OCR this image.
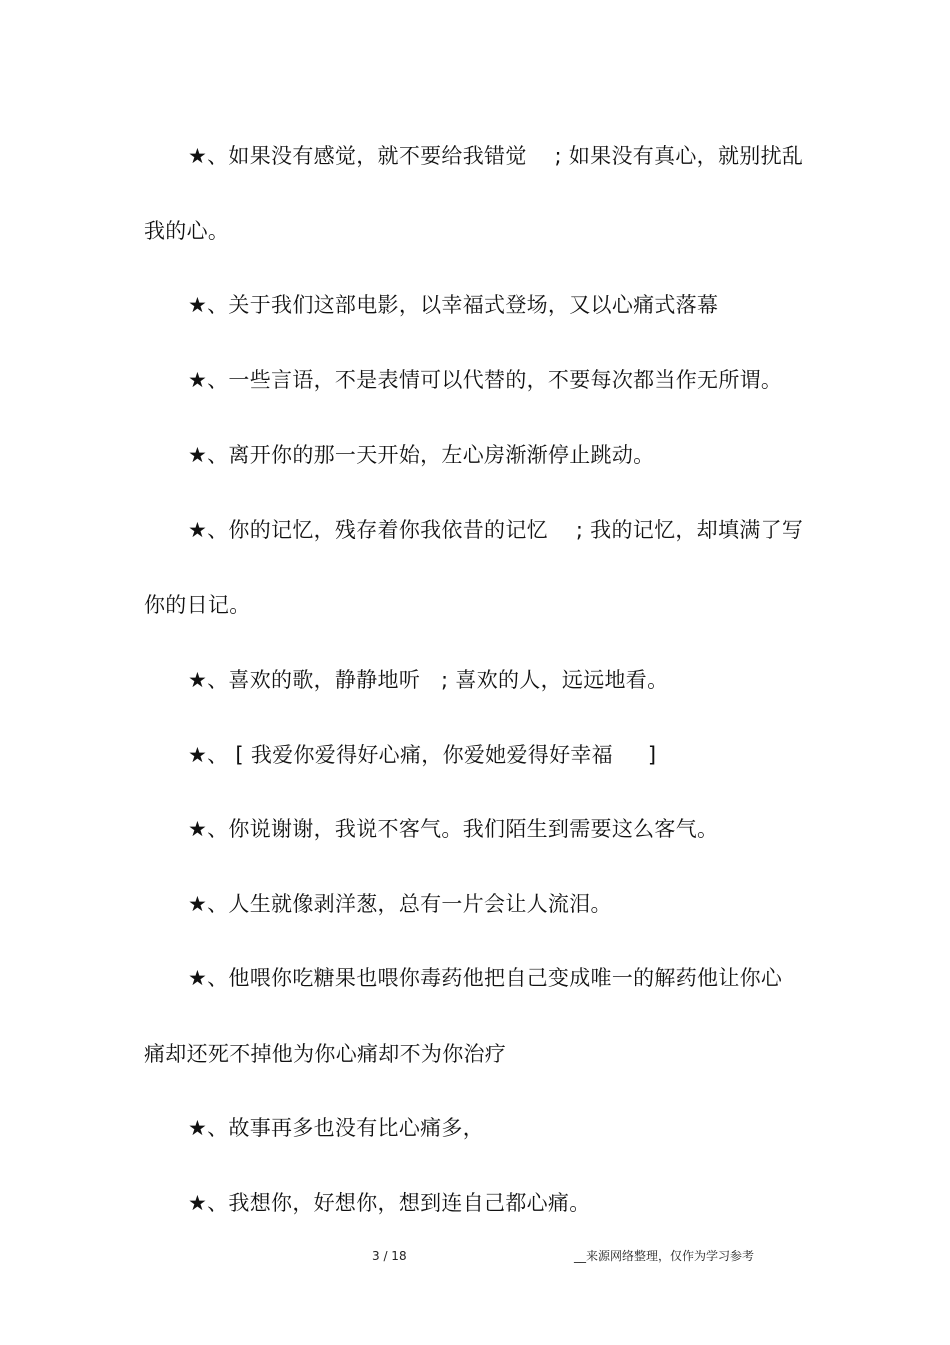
★、如果没有感觉，就不要给我错觉    ; 如果没有真心，就别扰乱
我的心。
★、关于我们这部电影，以幸福式登场，又以心痛式落幕
★、一些言语，不是表情可以代替的，不要每次都当作无所谓。
★、离开你的那一天开始，左心房渐渐停止跳动。
★、你的记忆，残存着你我依昔的记忆    ; 我的记忆，却填满了写
你的日记。
★、喜欢的歌，静静地听   ; 喜欢的人，远远地看。
★、 [ 我爱你爱得好心痛，你爱她爱得好幸福     ]
★、你说谢谢，我说不客气。我们陌生到需要这么客气。
★、人生就像剥洋葱，总有一片会让人流泪。
★、他喂你吃糖果也喂你毒药他把自己变成唯一的解药他让你心
痛却还死不掉他为你心痛却不为你治疗
★、故事再多也没有比心痛多，
★、我想你，好想你，想到连自己都心痛。
3 / 18	__来源网络整理，仅作为学习参考
